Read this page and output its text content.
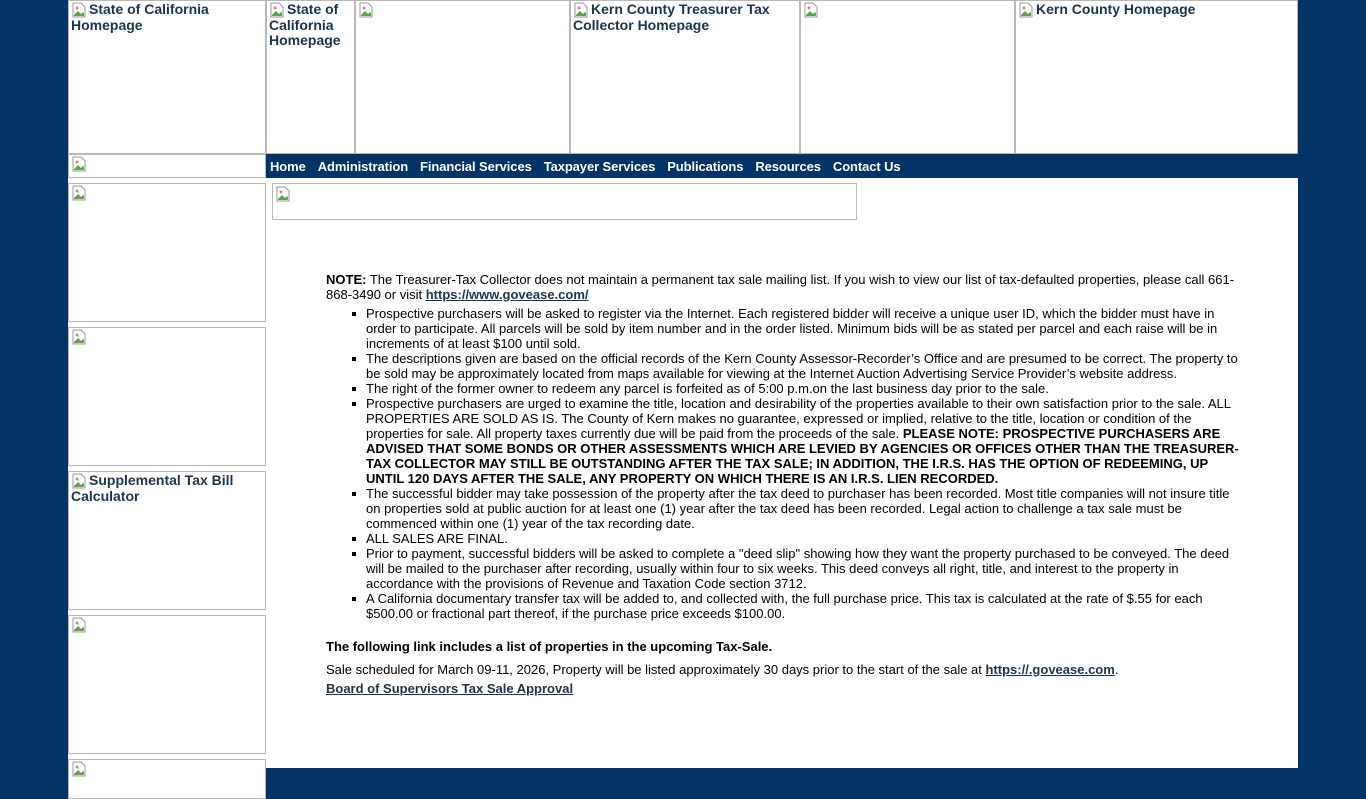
State of California Homepage
State of California Homepage
Kern County Treasurer Tax Collector Homepage
Kern County Homepage
Supplemental Tax Bill Calculator
Home Administration Financial Services Taxpayer Services Publications Resources Contact Us
NOTE: The Treasurer-Tax Collector does not maintain a permanent tax sale mailing list. If you wish to view our list of tax-defaulted properties, please call 661-868-3490 or visit https://www.govease.com/
Prospective purchasers will be asked to register via the Internet. Each registered bidder will receive a unique user ID, which the bidder must have in order to participate. All parcels will be sold by item number and in the order listed. Minimum bids will be as stated per parcel and each raise will be in increments of at least $100 until sold.
The descriptions given are based on the official records of the Kern County Assessor-Recorder’s Office and are presumed to be correct. The property to be sold may be approximately located from maps available for viewing at the Internet Auction Advertising Service Provider’s website address.
The right of the former owner to redeem any parcel is forfeited as of 5:00 p.m.on the last business day prior to the sale.
Prospective purchasers are urged to examine the title, location and desirability of the properties available to their own satisfaction prior to the sale. ALL PROPERTIES ARE SOLD AS IS. The County of Kern makes no guarantee, expressed or implied, relative to the title, location or condition of the properties for sale. All property taxes currently due will be paid from the proceeds of the sale. PLEASE NOTE: PROSPECTIVE PURCHASERS ARE ADVISED THAT SOME BONDS OR OTHER ASSESSMENTS WHICH ARE LEVIED BY AGENCIES OR OFFICES OTHER THAN THE TREASURER-TAX COLLECTOR MAY STILL BE OUTSTANDING AFTER THE TAX SALE; IN ADDITION, THE I.R.S. HAS THE OPTION OF REDEEMING, UP UNTIL 120 DAYS AFTER THE SALE, ANY PROPERTY ON WHICH THERE IS AN I.R.S. LIEN RECORDED.
The successful bidder may take possession of the property after the tax deed to purchaser has been recorded. Most title companies will not insure title on properties sold at public auction for at least one (1) year after the tax deed has been recorded. Legal action to challenge a tax sale must be commenced within one (1) year of the tax recording date.
ALL SALES ARE FINAL.
Prior to payment, successful bidders will be asked to complete a "deed slip" showing how they want the property purchased to be conveyed. The deed will be mailed to the purchaser after recording, usually within four to six weeks. This deed conveys all right, title, and interest to the property in accordance with the provisions of Revenue and Taxation Code section 3712.
A California documentary transfer tax will be added to, and collected with, the full purchase price. This tax is calculated at the rate of $.55 for each $500.00 or fractional part thereof, if the purchase price exceeds $100.00.
The following link includes a list of properties in the upcoming Tax-Sale.
Sale scheduled for March 09-11, 2026, Property will be listed approximately 30 days prior to the start of the sale at https://.govease.com.
Board of Supervisors Tax Sale Approval
